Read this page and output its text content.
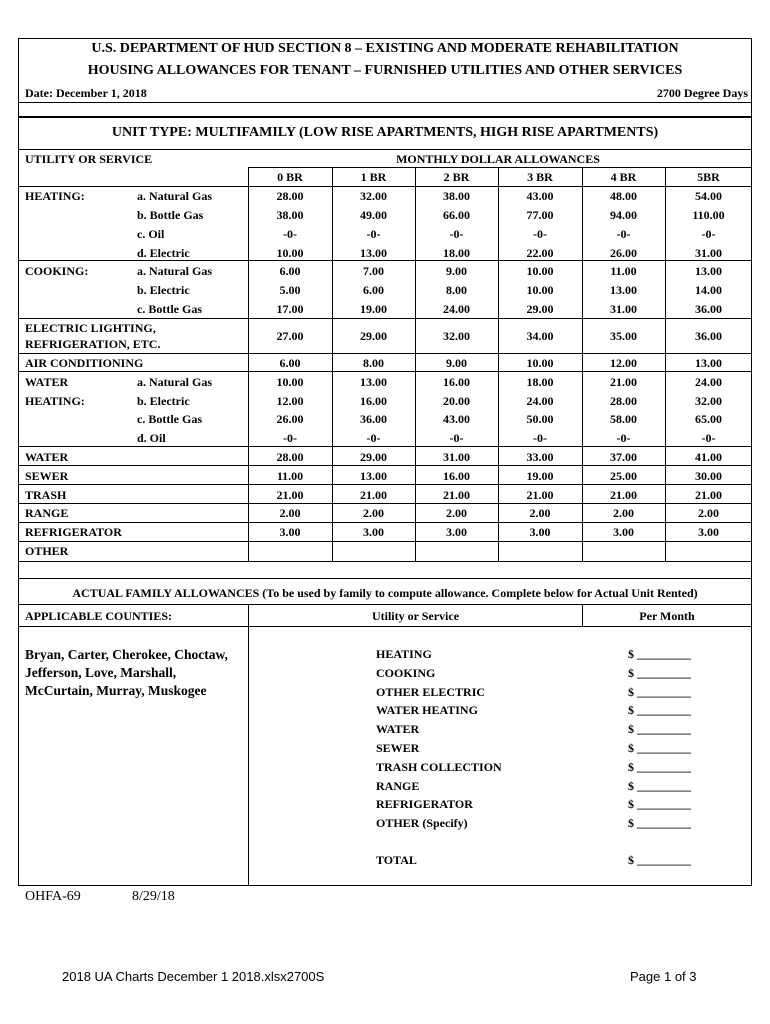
U.S. DEPARTMENT OF HUD SECTION 8 – EXISTING AND MODERATE REHABILITATION
HOUSING ALLOWANCES FOR TENANT – FURNISHED UTILITIES AND OTHER SERVICES
Date: December 1, 2018	2700 Degree Days
UNIT TYPE: MULTIFAMILY (LOW RISE APARTMENTS, HIGH RISE APARTMENTS)
UTILITY OR SERVICE	MONTHLY DOLLAR ALLOWANCES
0 BR	1 BR	2 BR	3 BR	4 BR	5BR
HEATING:	a. Natural Gas	28.00	32.00	38.00	43.00	48.00	54.00
b. Bottle Gas	38.00	49.00	66.00	77.00	94.00	110.00
c. Oil	-0-	-0-	-0-	-0-	-0-	-0-
d. Electric	10.00	13.00	18.00	22.00	26.00	31.00
COOKING:	a. Natural Gas	6.00	7.00	9.00	10.00	11.00	13.00
b. Electric	5.00	6.00	8.00	10.00	13.00	14.00
c. Bottle Gas	17.00	19.00	24.00	29.00	31.00	36.00
ELECTRIC LIGHTING,
REFRIGERATION, ETC.
27.00	29.00	32.00	34.00	35.00	36.00
AIR CONDITIONING	6.00	8.00	9.00	10.00	12.00	13.00
WATER	a. Natural Gas	10.00	13.00	16.00	18.00	21.00	24.00
HEATING:	b. Electric	12.00	16.00	20.00	24.00	28.00	32.00
c. Bottle Gas	26.00	36.00	43.00	50.00	58.00	65.00
d. Oil	-0-	-0-	-0-	-0-	-0-	-0-
WATER	28.00	29.00	31.00	33.00	37.00	41.00
SEWER	11.00	13.00	16.00	19.00	25.00	30.00
TRASH	21.00	21.00	21.00	21.00	21.00	21.00
RANGE	2.00	2.00	2.00	2.00	2.00	2.00
REFRIGERATOR	3.00	3.00	3.00	3.00	3.00	3.00
OTHER
ACTUAL FAMILY ALLOWANCES (To be used by family to compute allowance. Complete below for Actual Unit Rented)
APPLICABLE COUNTIES:	Utility or Service	Per Month
Bryan, Carter, Cherokee, Choctaw,
Jefferson, Love, Marshall,
McCurtain, Murray, Muskogee
HEATING	$ _________
COOKING	$ _________
OTHER ELECTRIC	$ _________
WATER HEATING	$ _________
WATER	$ _________
SEWER	$ _________
TRASH COLLECTION	$ _________
RANGE	$ _________
REFRIGERATOR	$ _________
OTHER (Specify)	$ _________
TOTAL	$ _________
OHFA-69	8/29/18
2018 UA Charts December 1 2018.xlsx2700S	Page 1 of 3
